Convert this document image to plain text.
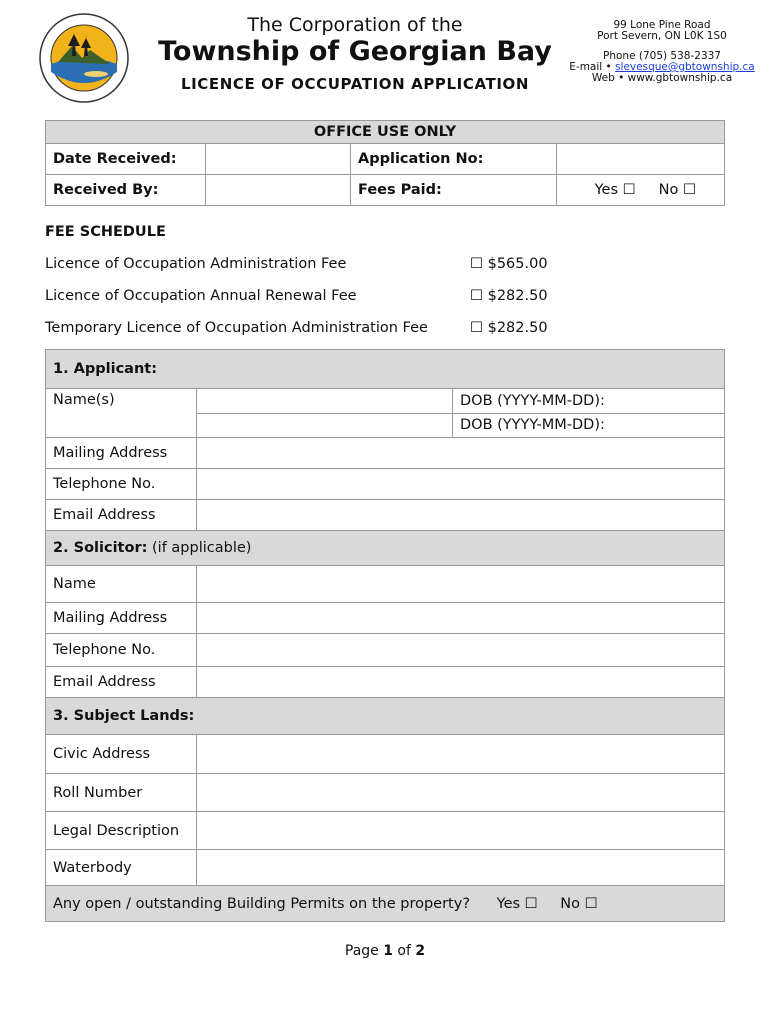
The Corporation of the
Township of Georgian Bay
LICENCE OF OCCUPATION APPLICATION
99 Lone Pine Road
Port Severn, ON L0K 1S0
Phone (705) 538-2337
E-mail • slevesque@gbtownship.ca
Web • www.gbtownship.ca
OFFICE USE ONLY			
Date Received:		Application No:	
Received By:		Fees Paid:	Yes ☐     No ☐
FEE SCHEDULE
Licence of Occupation Administration Fee	☐ $565.00
Licence of Occupation Annual Renewal Fee	☐ $282.50
Temporary Licence of Occupation Administration Fee	☐ $282.50
1. Applicant:		
Name(s)		DOB (YYYY-MM-DD):
		DOB (YYYY-MM-DD):
Mailing Address		
Telephone No.		
Email Address		
2. Solicitor: (if applicable)		
Name		
Mailing Address		
Telephone No.		
Email Address		
3. Subject Lands:		
Civic Address		
Roll Number		
Legal Description		
Waterbody		
Any open / outstanding Building Permits on the property? Yes ☐ No ☐		
Page 1 of 2
